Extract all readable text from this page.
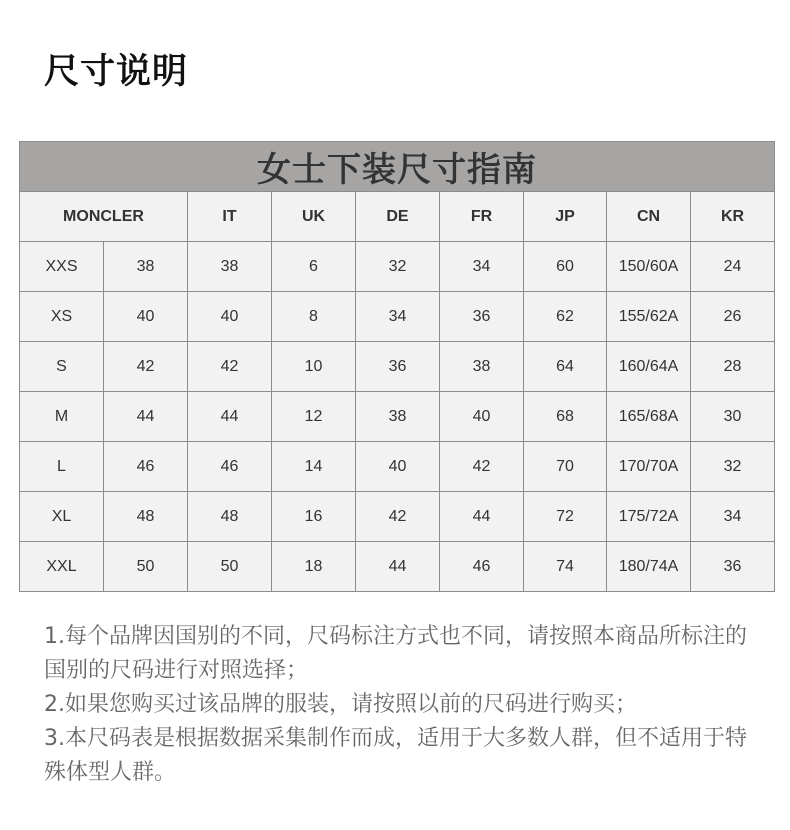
尺寸说明
女士下装尺寸指南								
MONCLER		IT	UK	DE	FR	JP	CN	KR
XXS	38	38	6	32	34	60	150/60A	24
XS	40	40	8	34	36	62	155/62A	26
S	42	42	10	36	38	64	160/64A	28
M	44	44	12	38	40	68	165/68A	30
L	46	46	14	40	42	70	170/70A	32
XL	48	48	16	42	44	72	175/72A	34
XXL	50	50	18	44	46	74	180/74A	36

1.每个品牌因国别的不同，尺码标注方式也不同，请按照本商品所标注的国别的尺码进行对照选择；

2.如果您购买过该品牌的服装，请按照以前的尺码进行购买；

3.本尺码表是根据数据采集制作而成，适用于大多数人群，但不适用于特殊体型人群。
